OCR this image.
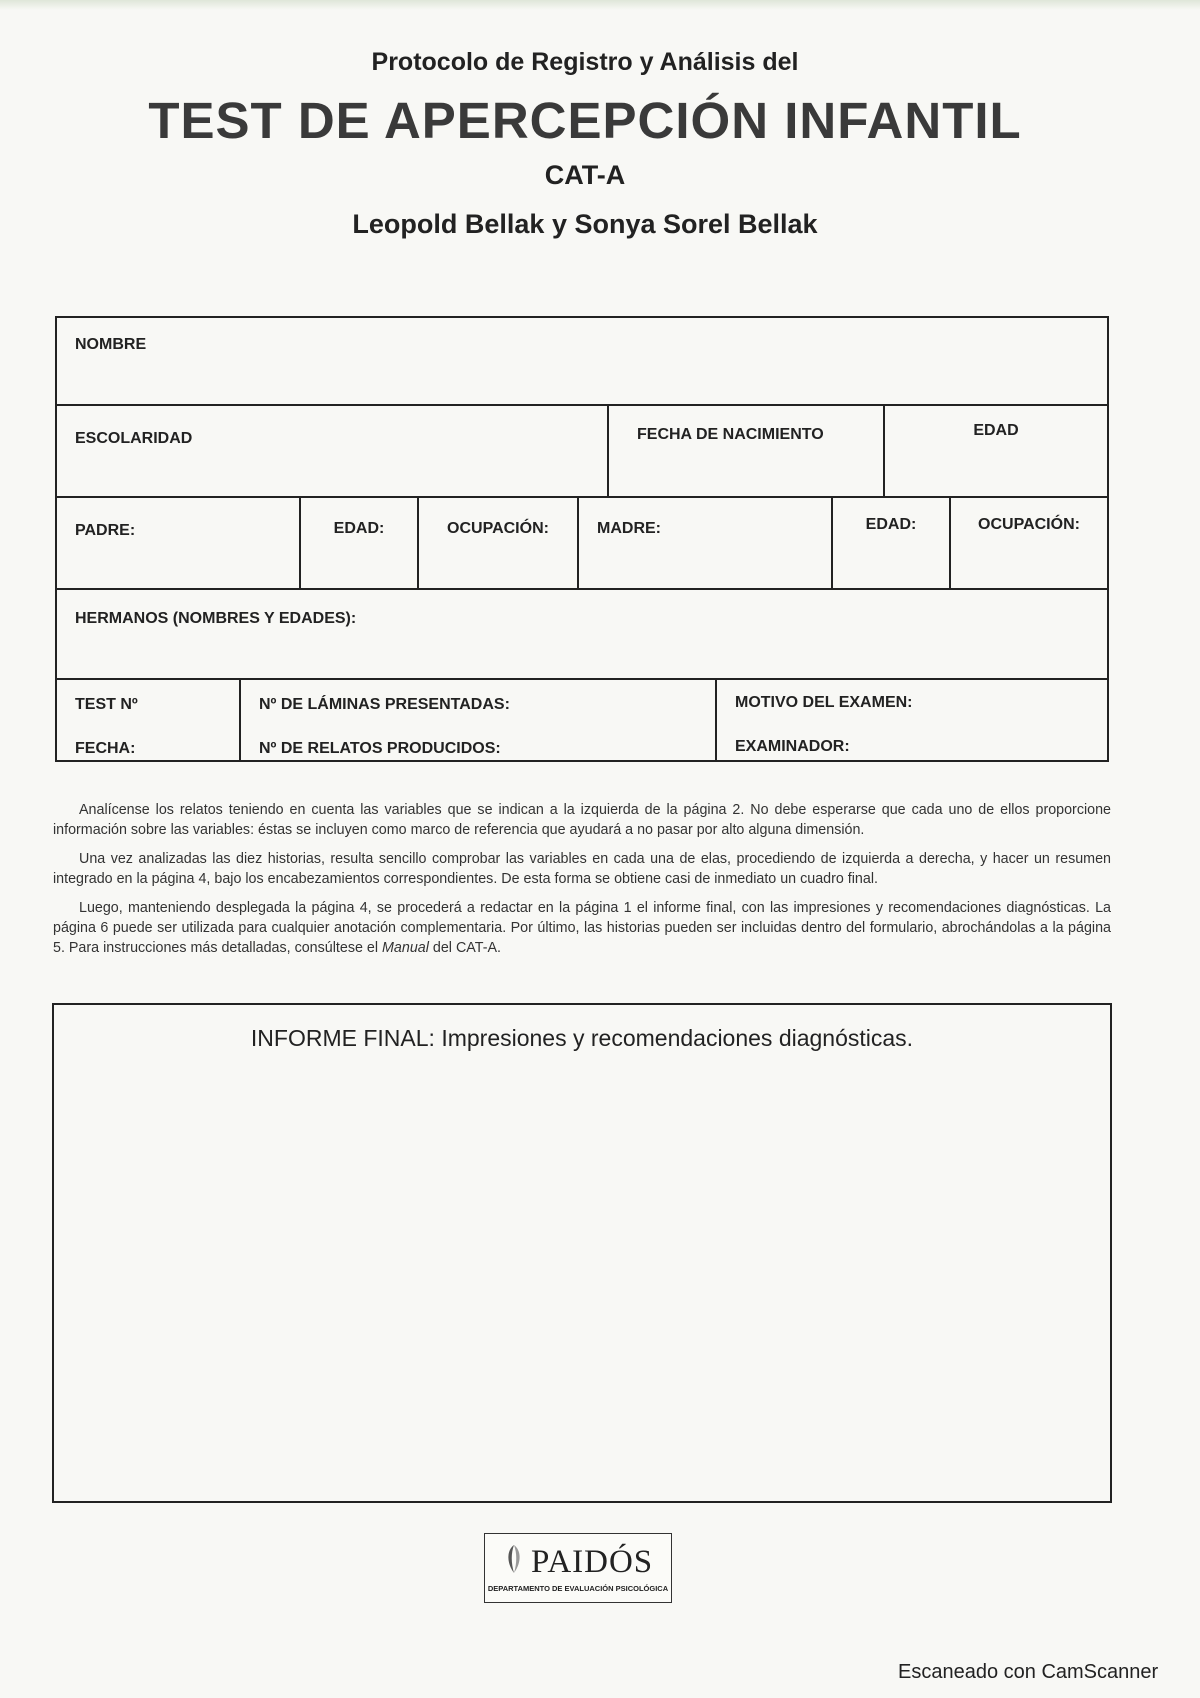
Protocolo de Registro y Análisis del
TEST DE APERCEPCIÓN INFANTIL
CAT-A
Leopold Bellak y Sonya Sorel Bellak
NOMBRE
ESCOLARIDAD	FECHA DE NACIMIENTO	EDAD
PADRE:	EDAD:	OCUPACIÓN:	MADRE:	EDAD:	OCUPACIÓN:
HERMANOS (NOMBRES Y EDADES):
TEST Nº
FECHA:
Nº DE LÁMINAS PRESENTADAS:
Nº DE RELATOS PRODUCIDOS:
MOTIVO DEL EXAMEN:
EXAMINADOR:

Analícense los relatos teniendo en cuenta las variables que se indican a la izquierda de la página 2. No debe esperarse que cada uno de ellos proporcione información sobre las variables: éstas se incluyen como marco de referencia que ayudará a no pasar por alto alguna dimensión.

Una vez analizadas las diez historias, resulta sencillo comprobar las variables en cada una de elas, procediendo de izquierda a derecha, y hacer un resumen integrado en la página 4, bajo los encabezamientos correspondientes. De esta forma se obtiene casi de inmediato un cuadro final.

Luego, manteniendo desplegada la página 4, se procederá a redactar en la página 1 el informe final, con las impresiones y recomendaciones diagnósticas. La página 6 puede ser utilizada para cualquier anotación complementaria. Por último, las historias pueden ser incluidas dentro del formulario, abrochándolas a la página 5. Para instrucciones más detalladas, consúltese el Manual del CAT-A.

INFORME FINAL: Impresiones y recomendaciones diagnósticas.
PAIDÓS
DEPARTAMENTO DE EVALUACIÓN PSICOLÓGICA
Escaneado con CamScanner
